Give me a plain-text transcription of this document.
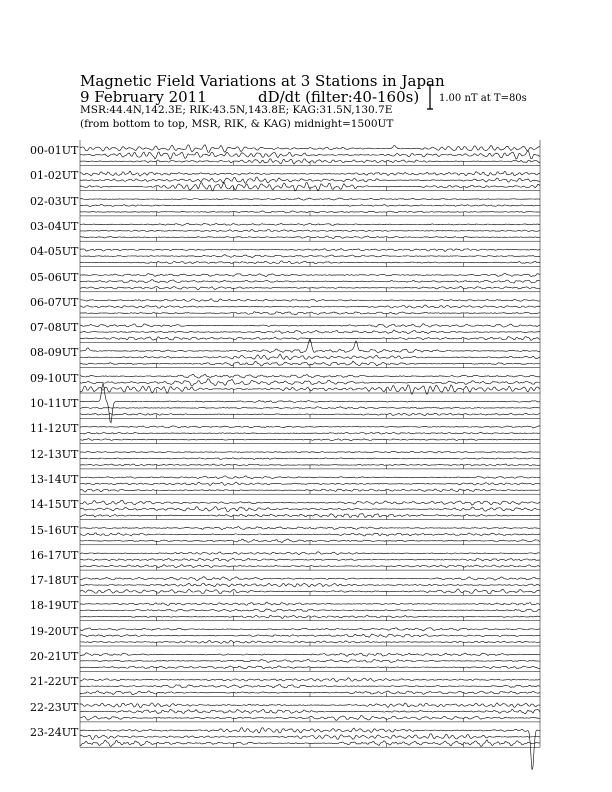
Magnetic Field Variations at 3 Stations in Japan
9 February 2011	dD/dt (filter:40-160s)
MSR:44.4N,142.3E; RIK:43.5N,143.8E; KAG:31.5N,130.7E
(from bottom to top, MSR, RIK, & KAG) midnight=1500UT
1.00 nT at T=80s
00-01UT
01-02UT
02-03UT
03-04UT
04-05UT
05-06UT
06-07UT
07-08UT
08-09UT
09-10UT
10-11UT
11-12UT
12-13UT
13-14UT
14-15UT
15-16UT
16-17UT
17-18UT
18-19UT
19-20UT
20-21UT
21-22UT
22-23UT
23-24UT
